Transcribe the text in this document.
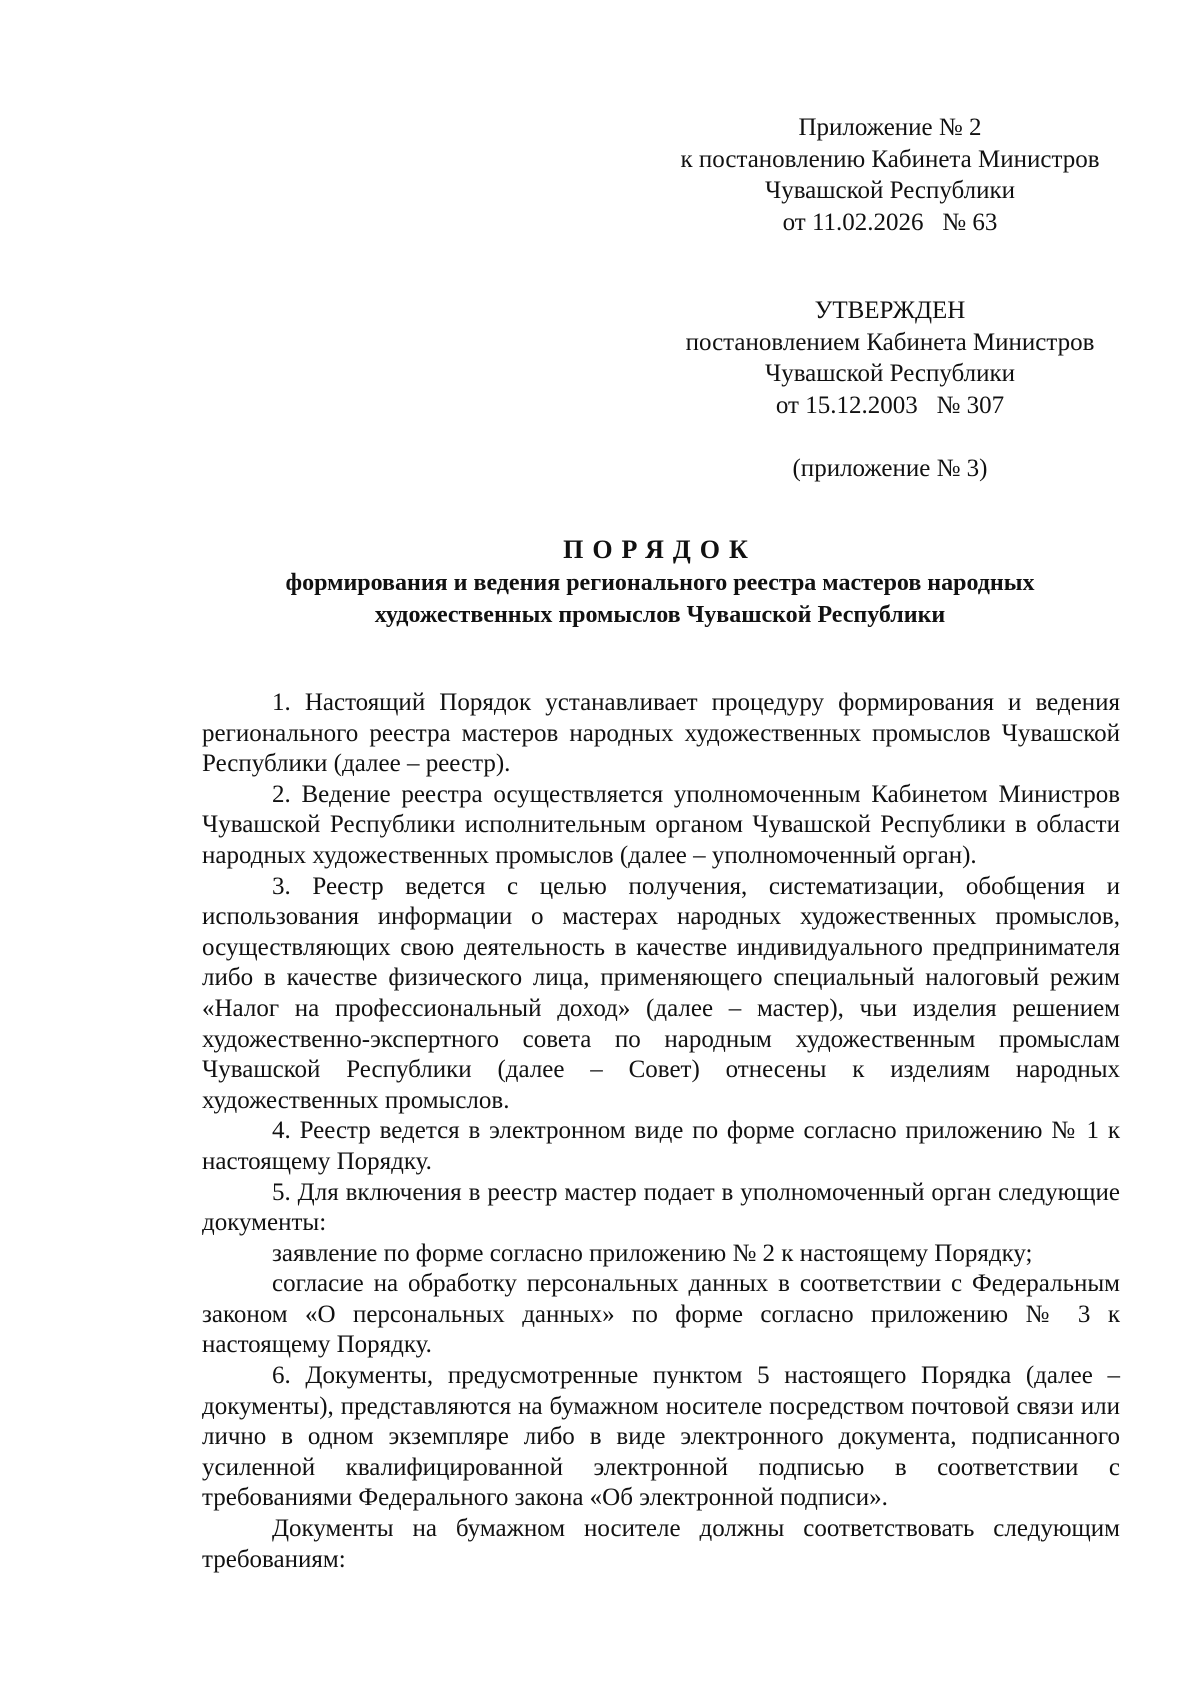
Приложение № 2
к постановлению Кабинета Министров
Чувашской Республики
от 11.02.2026   № 63
УТВЕРЖДЕН
постановлением Кабинета Министров
Чувашской Республики
от 15.12.2003   № 307
(приложение № 3)
ПОРЯДОК
формирования и ведения регионального реестра мастеров народных
художественных промыслов Чувашской Республики

1. Настоящий Порядок устанавливает процедуру формирования и ведения регионального реестра мастеров народных художественных промыслов Чувашской Республики (далее – реестр).

2. Ведение реестра осуществляется уполномоченным Кабинетом Министров Чувашской Республики исполнительным органом Чувашской Республики в области народных художественных промыслов (далее – уполномоченный орган).

3. Реестр ведется с целью получения, систематизации, обобщения и использования информации о мастерах народных художественных промыслов, осуществляющих свою деятельность в качестве индивидуального предпринимателя либо в качестве физического лица, применяющего специальный налоговый режим «Налог на профессиональный доход» (далее – мастер), чьи изделия решением художественно-экспертного совета по народным художественным промыслам Чувашской Республики (далее – Совет) отнесены к изделиям народных художественных промыслов.

4. Реестр ведется в электронном виде по форме согласно приложению № 1 к настоящему Порядку.

5. Для включения в реестр мастер подает в уполномоченный орган следующие документы:

заявление по форме согласно приложению № 2 к настоящему Порядку;

согласие на обработку персональных данных в соответствии с Федеральным законом «О персональных данных» по форме согласно приложению № 3 к настоящему Порядку.

6. Документы, предусмотренные пунктом 5 настоящего Порядка (далее – документы), представляются на бумажном носителе посредством почтовой связи или лично в одном экземпляре либо в виде электронного документа, подписанного усиленной квалифицированной электронной подписью в соответствии с требованиями Федерального закона «Об электронной подписи».

Документы на бумажном носителе должны соответствовать следующим требованиям:
